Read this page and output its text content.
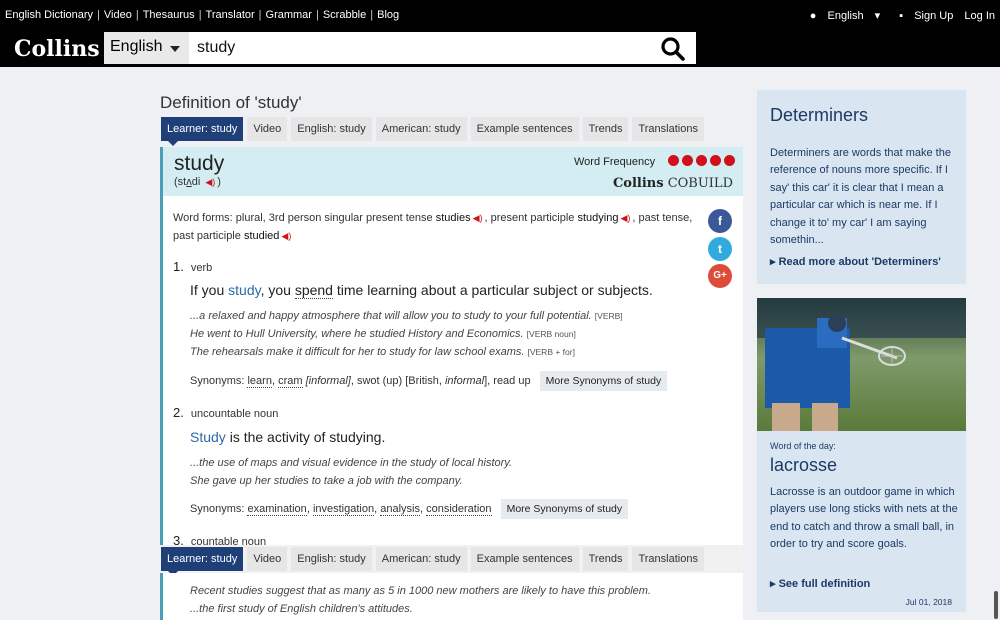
English Dictionary | Video | Thesaurus | Translator | Grammar | Scrabble | Blog	● English ▾ ▪ Sign Up Log In
Collins English
study
Definition of 'study'
Learner: study	Video	English: study	American: study	Example sentences	Trends	Translations
study
(stʌdi ◀) )
Word Frequency
Collins COBUILD
Word forms: plural, 3rd person singular present tense studies ◀) , present participle studying ◀) , past tense, past participle studied ◀)
f
t
G+
1. verb
If you study, you spend time learning about a particular subject or subjects.
...a relaxed and happy atmosphere that will allow you to study to your full potential. [VERB]
He went to Hull University, where he studied History and Economics. [VERB noun]
The rehearsals make it difficult for her to study for law school exams. [VERB + for]
Synonyms: learn, cram [informal], swot (up) [British, informal], read up More Synonyms of study
2. uncountable noun
Study is the activity of studying.
...the use of maps and visual evidence in the study of local history.
She gave up her studies to take a job with the company.
Synonyms: examination, investigation, analysis, consideration More Synonyms of study
3. countable noun
Learner: study	Video	English: study	American: study	Example sentences	Trends	Translations
Recent studies suggest that as many as 5 in 1000 new mothers are likely to have this problem.
...the first study of English children's attitudes.
Determiners
Determiners are words that make the reference of nouns more specific. If I say' this car' it is clear that I mean a particular car which is near me. If I change it to' my car' I am saying somethin...
▸ Read more about 'Determiners'
Word of the day:
lacrosse
Lacrosse is an outdoor game in which players use long sticks with nets at the end to catch and throw a small ball, in order to try and score goals.
▸ See full definition
Jul 01, 2018
